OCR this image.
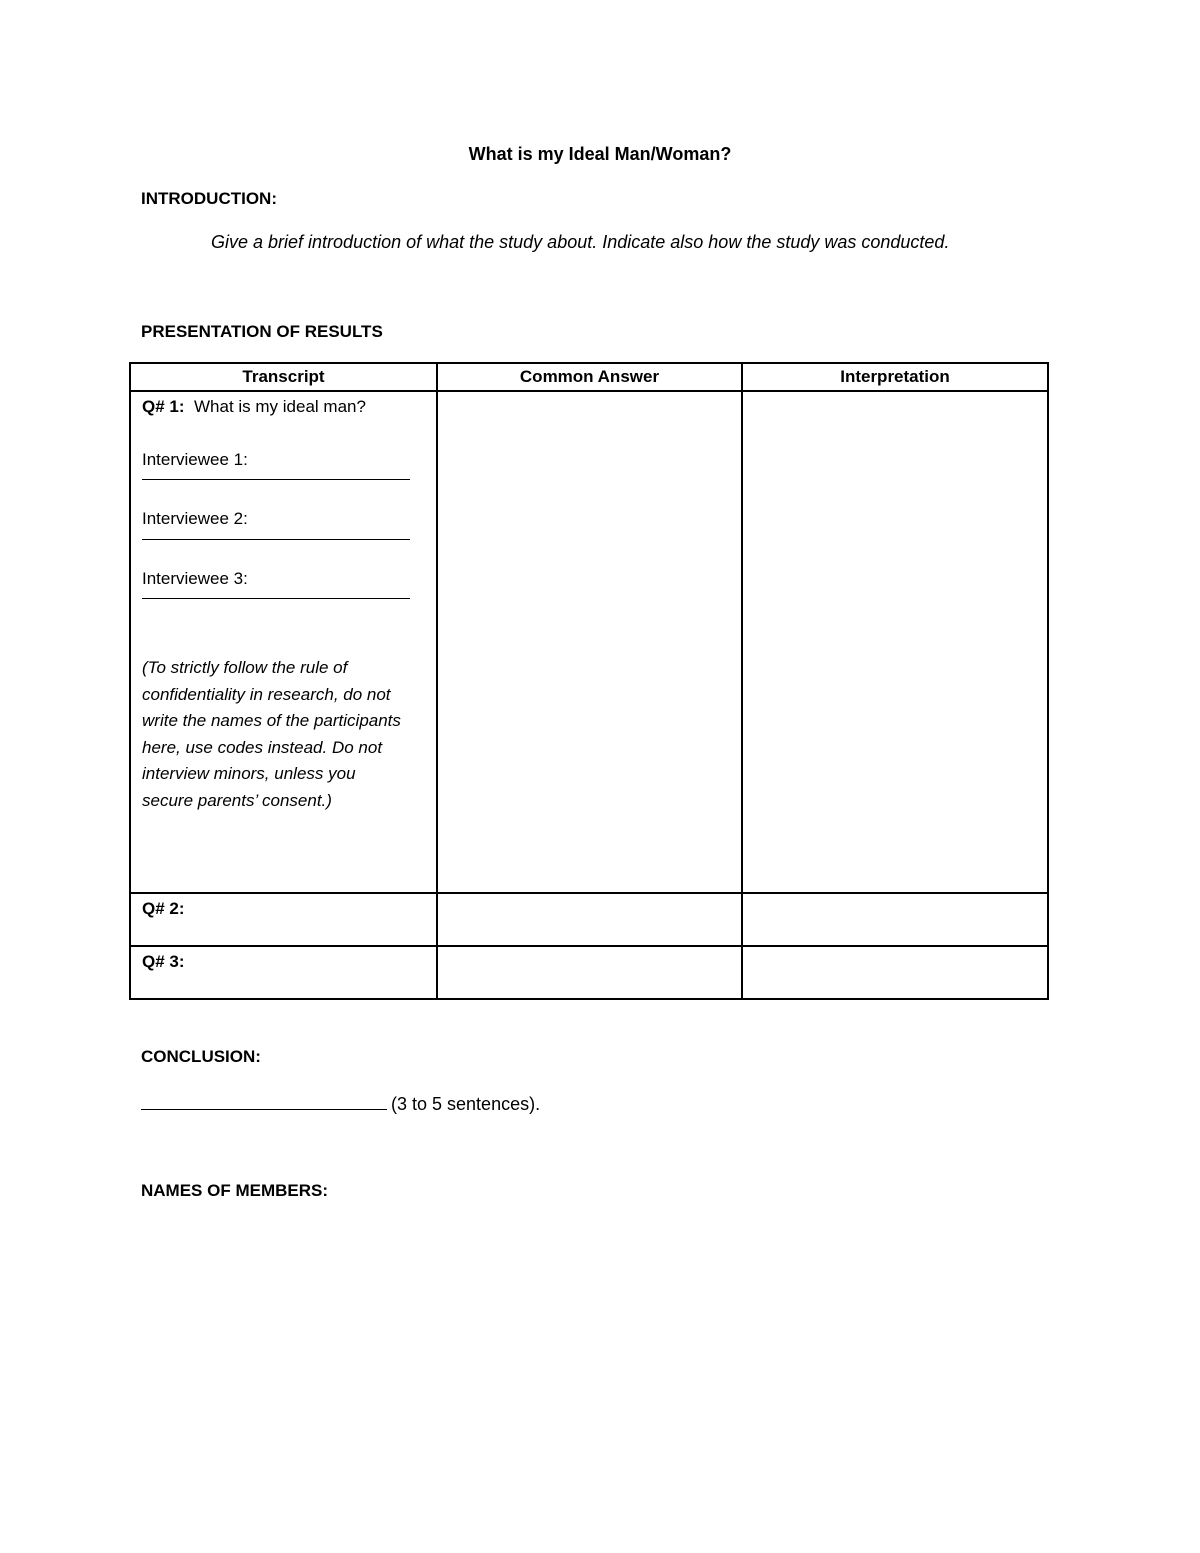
What is my Ideal Man/Woman?
INTRODUCTION:
Give a brief introduction of what the study about. Indicate also how the study was conducted.
PRESENTATION OF RESULTS
Transcript	Common Answer	Interpretation

Q# 1: What is my ideal man?
Interviewee 1:
Interviewee 2:
Interviewee 3:
(To strictly follow the rule of confidentiality in research, do not write the names of the participants here, use codes instead. Do not interview minors, unless you secure parents’ consent.)		

Q# 2:		

Q# 3:		

CONCLUSION:
(3 to 5 sentences).
NAMES OF MEMBERS:
